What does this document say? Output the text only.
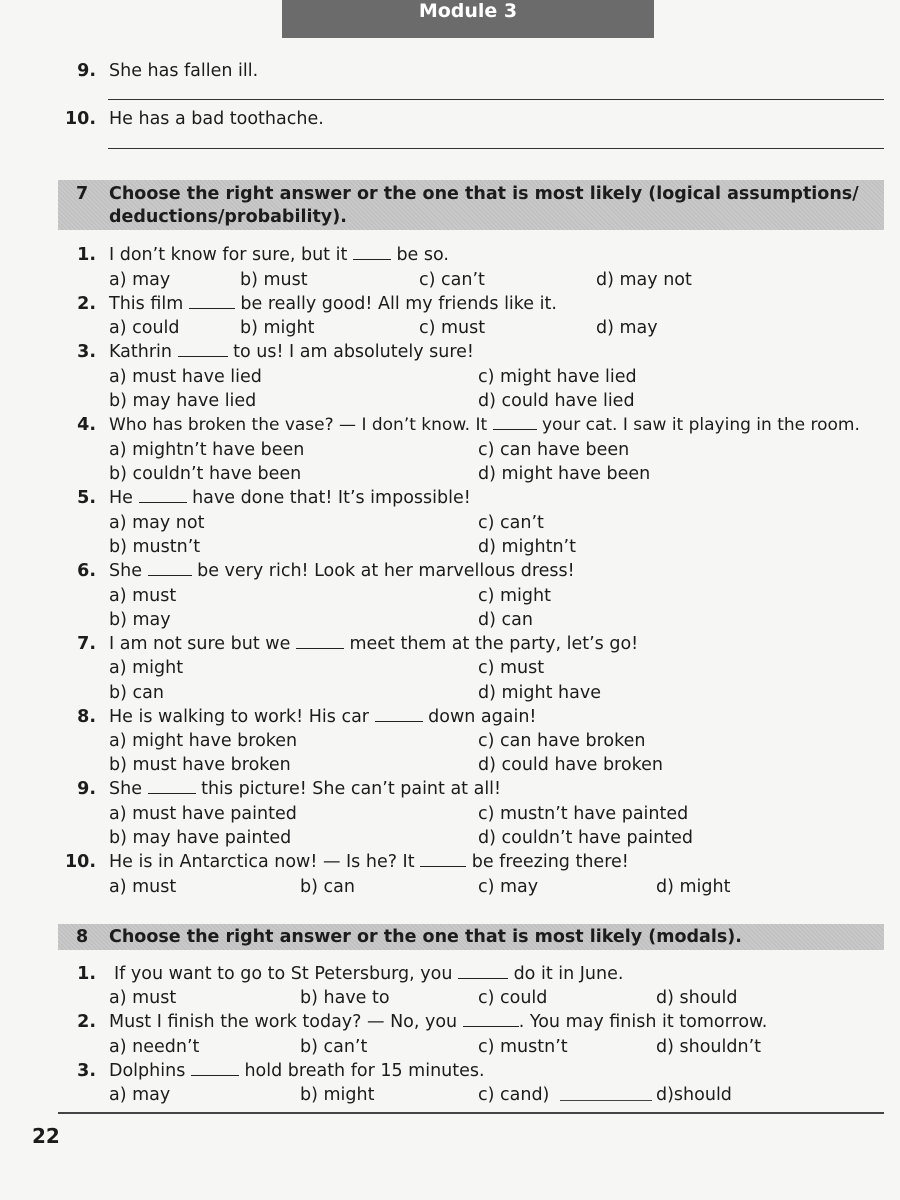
Module 3
9. She has fallen ill.
10. He has a bad toothache.
7 Choose the right answer or the one that is most likely (logical assumptions/
deductions/probability).
1. I don’t know for sure, but it  be so.
a) may	b) must	c) can’t	d) may not
2. This film	be really good! All my friends like it.
a) could	b) might	c) must	d) may
3. Kathrin	to us! I am absolutely sure!
a) must have lied	c) might have lied
b) may have lied	d) could have lied
4. Who has broken the vase? — I don’t know. It	your cat. I saw it playing in the room.
a) mightn’t have been	c) can have been
b) couldn’t have been	d) might have been
5. He	have done that! It’s impossible!
a) may not	c) can’t
b) mustn’t	d) mightn’t
6. She	be very rich! Look at her marvellous dress!
a) must	c) might
b) may	d) can
7. I am not sure but we	meet them at the party, let’s go!
a) might	c) must
b) can	d) might have
8. He is walking to work! His car	down again!
a) might have broken	c) can have broken
b) must have broken	d) could have broken
9. She	this picture! She can’t paint at all!
a) must have painted	c) mustn’t have painted
b) may have painted	d) couldn’t have painted
10. He is in Antarctica now! — Is he? It	be freezing there!
a) must	b) can	c) may	d) might
8 Choose the right answer or the one that is most likely (modals).
1. If you want to go to St Petersburg, you	do it in June.
a) must	b) have to	c) could	d) should
2. Must I finish the work today? — No, you	. You may finish it tomorrow.
a) needn’t	b) can’t	c) mustn’t	d) shouldn’t
3. Dolphins	hold breath for 15 minutes.
a) may	b) might	c) cand)	d)should
22
